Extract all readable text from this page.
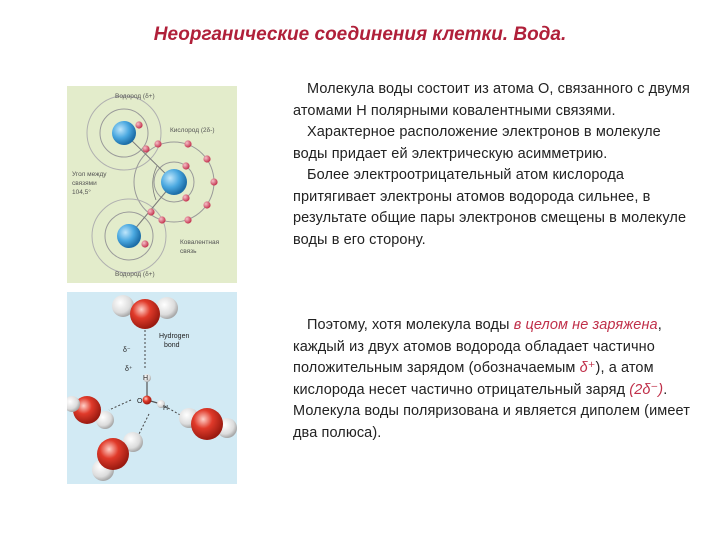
Неорганические соединения клетки. Вода.
Водород (δ+)
Кислород (2δ-)
Угол между
связями
104,5°
Ковалентная
связь
Водород (δ+)
Hydrogen
bond
δ⁻
δ⁺
H
O
H

Молекула воды состоит из атома О, связанного с двумя атомами Н полярными ковалентными связями.

Характерное расположение электронов в молекуле воды придает ей электрическую асимметрию.

Более электроотрицательный атом кислорода притягивает электроны атомов водорода сильнее, в результате общие пары электронов смещены в молекуле воды в его сторону.

Поэтому, хотя молекула воды в целом не заряжена, каждый из двух атомов водорода обладает частично положительным зарядом (обозначаемым δ⁺), а атом кислорода несет частично отрицательный заряд (2δ⁻). Молекула воды поляризована и является диполем (имеет два полюса).
